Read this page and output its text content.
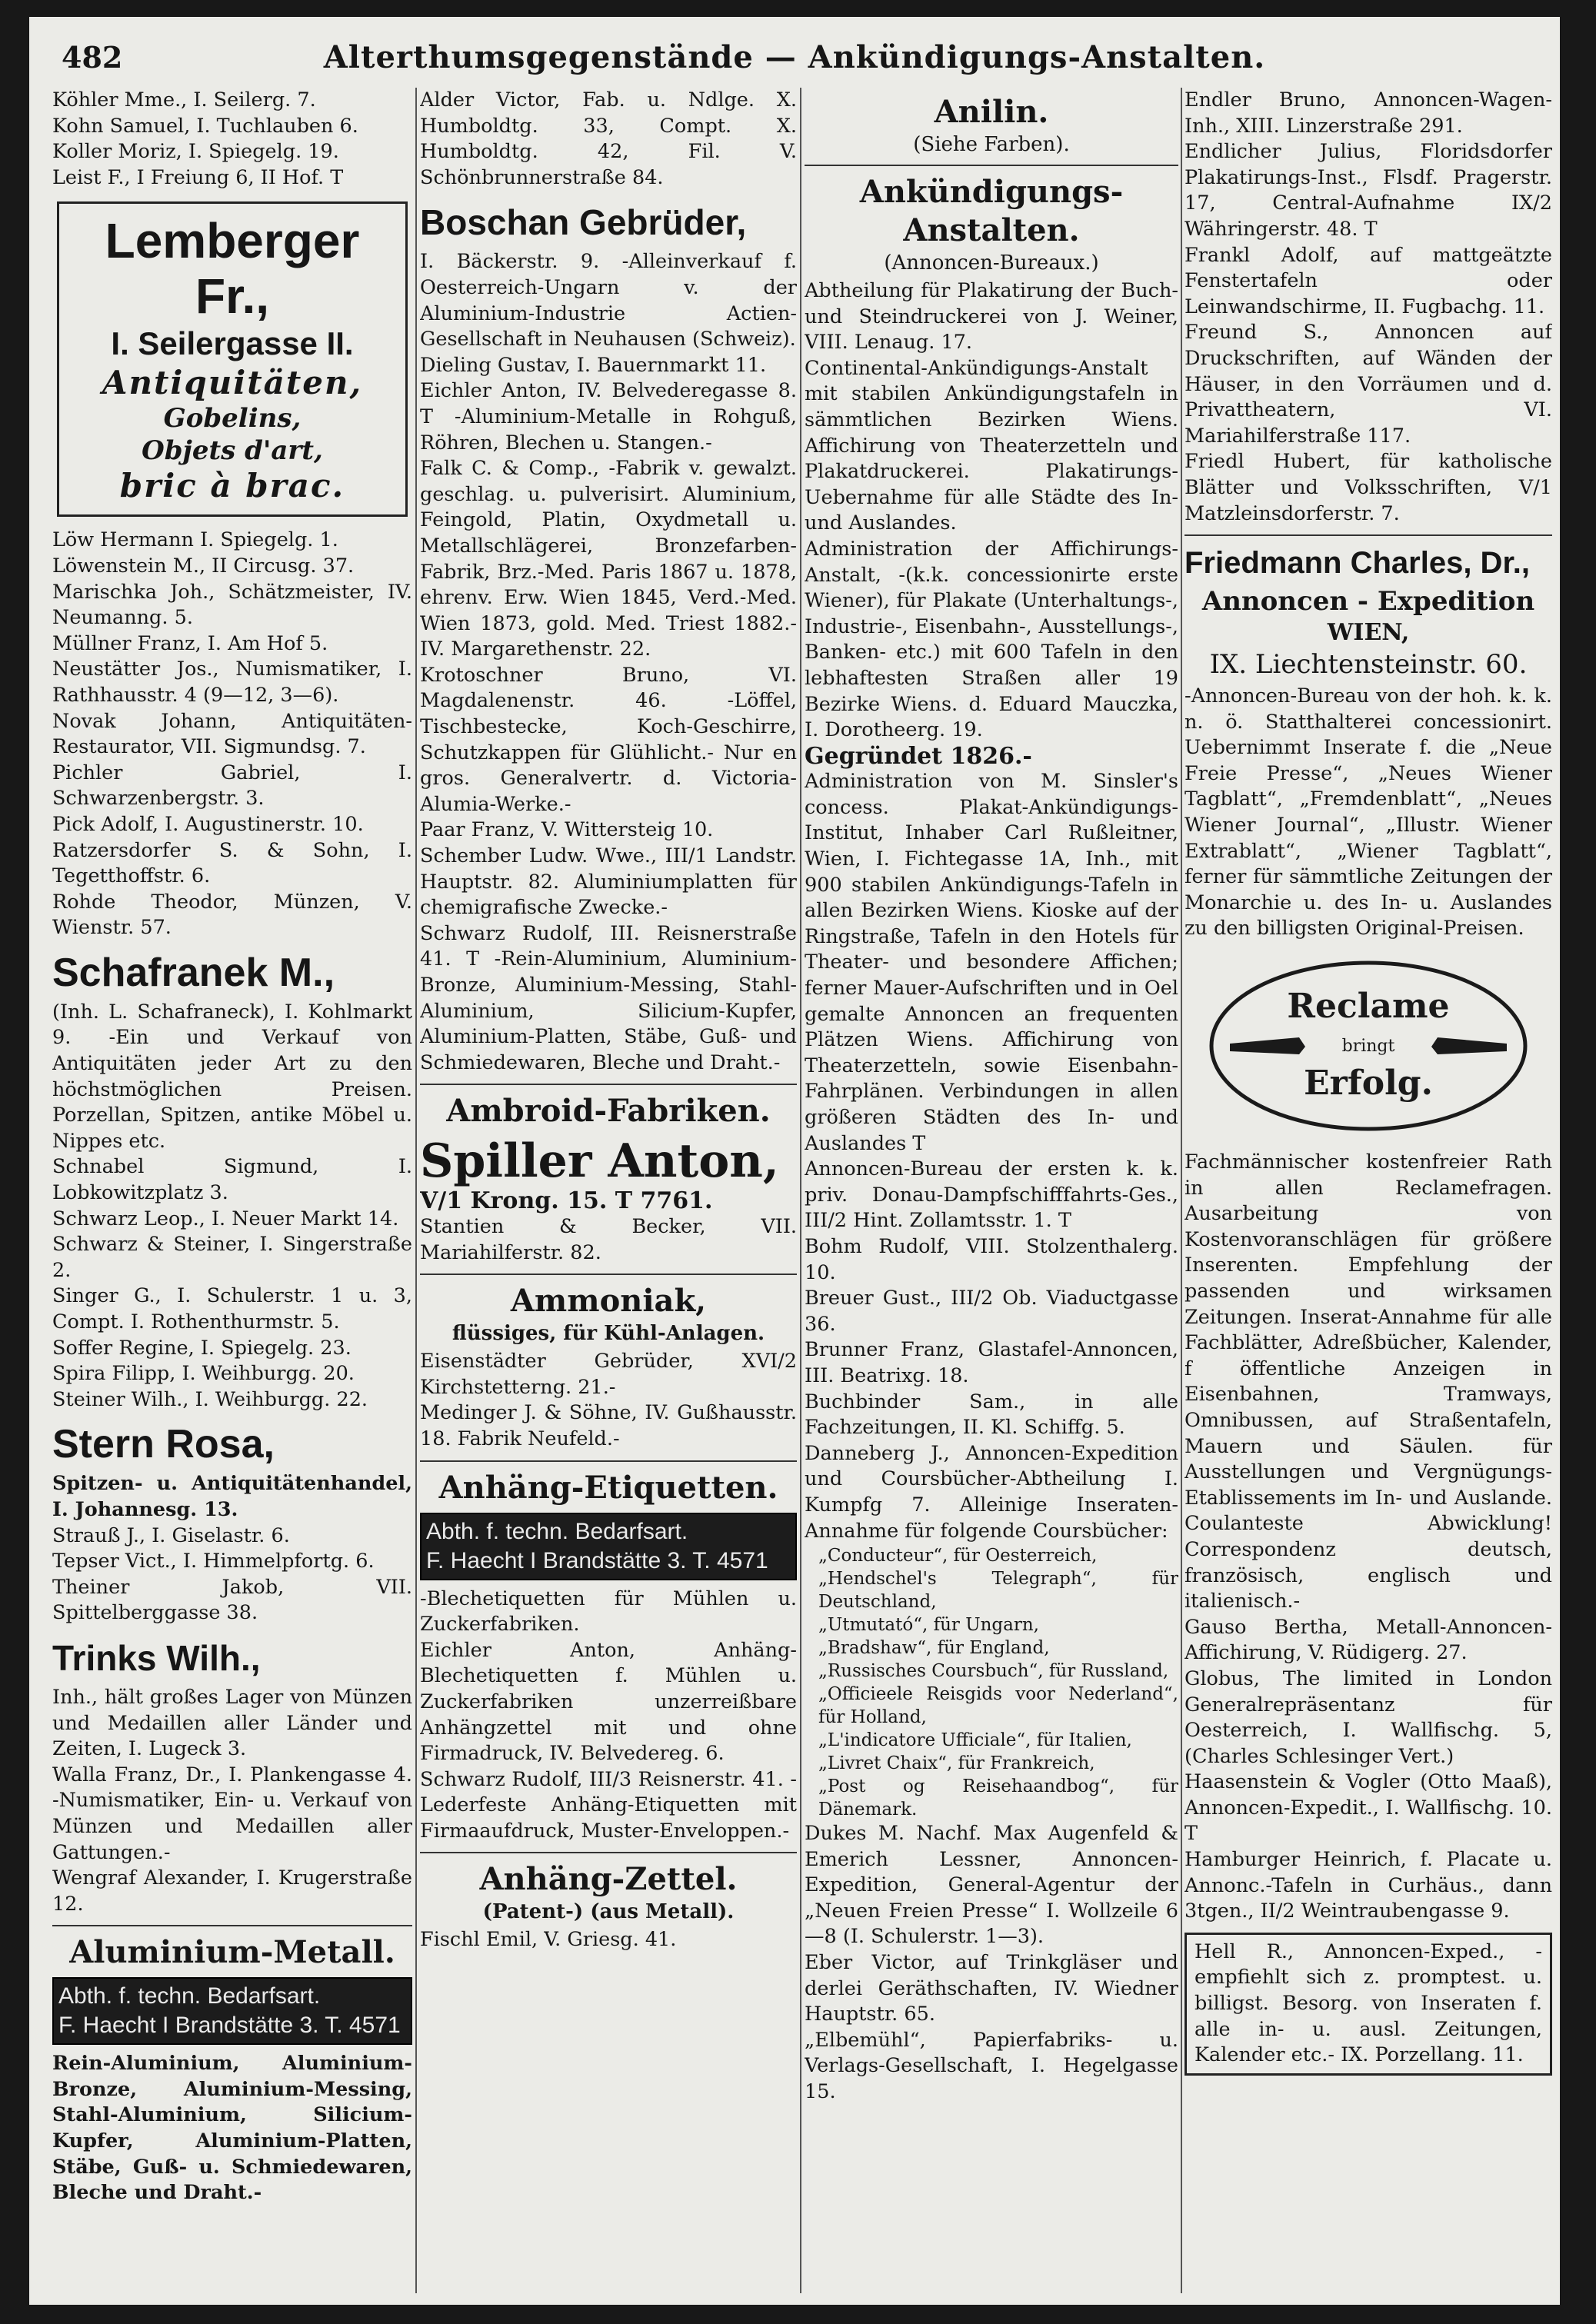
482	Alterthumsgegenstände — Ankündigungs-Anstalten.

Köhler Mme., I. Seilerg. 7.

Kohn Samuel, I. Tuchlauben 6.

Koller Moriz, I. Spiegelg. 19.

Leist F., I Freiung 6, II Hof. T

Lemberger
Fr.,
I. Seilergasse II.
Antiquitäten,
Gobelins,
Objets d'art,
bric à brac.

Löw Hermann I. Spiegelg. 1.

Löwenstein M., II Circusg. 37.

Marischka Joh., Schätzmeister, IV. Neumanng. 5.

Müllner Franz, I. Am Hof 5.

Neustätter Jos., Numismatiker, I. Rathhausstr. 4 (9—12, 3—6).

Novak Johann, Antiquitäten-Restaurator, VII. Sigmundsg. 7.

Pichler Gabriel, I. Schwarzenbergstr. 3.

Pick Adolf, I. Augustinerstr. 10.

Ratzersdorfer S. & Sohn, I. Tegetthoffstr. 6.

Rohde Theodor, Münzen, V. Wienstr. 57.

Schafranek M.,

(Inh. L. Schafraneck), I. Kohlmarkt 9. -Ein und Verkauf von Antiquitäten jeder Art zu den höchstmöglichen Preisen. Porzellan, Spitzen, antike Möbel u. Nippes etc.

Schnabel Sigmund, I. Lobkowitzplatz 3.

Schwarz Leop., I. Neuer Markt 14.

Schwarz & Steiner, I. Singerstraße 2.

Singer G., I. Schulerstr. 1 u. 3, Compt. I. Rothenthurmstr. 5.

Soffer Regine, I. Spiegelg. 23.

Spira Filipp, I. Weihburgg. 20.

Steiner Wilh., I. Weihburgg. 22.

Stern Rosa,

Spitzen- u. Antiquitätenhandel, I. Johannesg. 13.

Strauß J., I. Giselastr. 6.

Tepser Vict., I. Himmelpfortg. 6.

Theiner Jakob, VII. Spittelberggasse 38.

Trinks Wilh.,

Inh., hält großes Lager von Münzen und Medaillen aller Länder und Zeiten, I. Lugeck 3.

Walla Franz, Dr., I. Plankengasse 4. -Numismatiker, Ein- u. Verkauf von Münzen und Medaillen aller Gattungen.-

Wengraf Alexander, I. Krugerstraße 12.

Aluminium-Metall.
Abth. f. techn. Bedarfsart.
F. Haecht I Brandstätte 3. T. 4571

Rein-Aluminium, Aluminium-Bronze, Aluminium-Messing, Stahl-Aluminium, Silicium-Kupfer, Aluminium-Platten, Stäbe, Guß- u. Schmiedewaren, Bleche und Draht.-

Alder Victor, Fab. u. Ndlge. X. Humboldtg. 33, Compt. X. Humboldtg. 42, Fil. V. Schönbrunnerstraße 84.

Boschan Gebrüder,

I. Bäckerstr. 9. -Alleinverkauf f. Oesterreich-Ungarn v. der Aluminium-Industrie Actien-Gesellschaft in Neuhausen (Schweiz).

Dieling Gustav, I. Bauernmarkt 11.

Eichler Anton, IV. Belvederegasse 8. T -Aluminium-Metalle in Rohguß, Röhren, Blechen u. Stangen.-

Falk C. & Comp., -Fabrik v. gewalzt. geschlag. u. pulverisirt. Aluminium, Feingold, Platin, Oxydmetall u. Metallschlägerei, Bronzefarben-Fabrik, Brz.-Med. Paris 1867 u. 1878, ehrenv. Erw. Wien 1845, Verd.-Med. Wien 1873, gold. Med. Triest 1882.- IV. Margarethenstr. 22.

Krotoschner Bruno, VI. Magdalenenstr. 46. -Löffel, Tischbestecke, Koch-Geschirre, Schutzkappen für Glühlicht.- Nur en gros. Generalvertr. d. Victoria-Alumia-Werke.-

Paar Franz, V. Wittersteig 10.

Schember Ludw. Wwe., III/1 Landstr. Hauptstr. 82. Aluminiumplatten für chemigrafische Zwecke.-

Schwarz Rudolf, III. Reisnerstraße 41. T -Rein-Aluminium, Aluminium-Bronze, Aluminium-Messing, Stahl-Aluminium, Silicium-Kupfer, Aluminium-Platten, Stäbe, Guß- und Schmiedewaren, Bleche und Draht.-

Ambroid-Fabriken.
Spiller Anton,

V/1 Krong. 15. T 7761.

Stantien & Becker, VII. Mariahilferstr. 82.

Ammoniak,
flüssiges, für Kühl-Anlagen.

Eisenstädter Gebrüder, XVI/2 Kirchstetterng. 21.-

Medinger J. & Söhne, IV. Gußhausstr. 18. Fabrik Neufeld.-

Anhäng-Etiquetten.
Abth. f. techn. Bedarfsart.
F. Haecht I Brandstätte 3. T. 4571

-Blechetiquetten für Mühlen u. Zuckerfabriken.

Eichler Anton, Anhäng-Blechetiquetten f. Mühlen u. Zuckerfabriken unzerreißbare Anhängzettel mit und ohne Firmadruck, IV. Belvedereg. 6.

Schwarz Rudolf, III/3 Reisnerstr. 41. -Lederfeste Anhäng-Etiquetten mit Firmaaufdruck, Muster-Enveloppen.-

Anhäng-Zettel.
(Patent-) (aus Metall).

Fischl Emil, V. Griesg. 41.

Anilin.
(Siehe Farben).
Ankündigungs-
Anstalten.
(Annoncen-Bureaux.)

Abtheilung für Plakatirung der Buch- und Steindruckerei von J. Weiner, VIII. Lenaug. 17.

Continental-Ankündigungs-Anstalt mit stabilen Ankündigungstafeln in sämmtlichen Bezirken Wiens. Affichirung von Theaterzetteln und Plakatdruckerei. Plakatirungs-Uebernahme für alle Städte des In- und Auslandes.

Administration der Affichirungs-Anstalt, -(k.k. concessionirte erste Wiener), für Plakate (Unterhaltungs-, Industrie-, Eisenbahn-, Ausstellungs-, Banken- etc.) mit 600 Tafeln in den lebhaftesten Straßen aller 19 Bezirke Wiens. d. Eduard Mauczka, I. Dorotheerg. 19.

Gegründet 1826.-

Administration von M. Sinsler's concess. Plakat-Ankündigungs-Institut, Inhaber Carl Rußleitner, Wien, I. Fichtegasse 1A, Inh., mit 900 stabilen Ankündigungs-Tafeln in allen Bezirken Wiens. Kioske auf der Ringstraße, Tafeln in den Hotels für Theater- und besondere Affichen; ferner Mauer-Aufschriften und in Oel gemalte Annoncen an frequenten Plätzen Wiens. Affichirung von Theaterzetteln, sowie Eisenbahn-Fahrplänen. Verbindungen in allen größeren Städten des In- und Auslandes T

Annoncen-Bureau der ersten k. k. priv. Donau-Dampfschifffahrts-Ges., III/2 Hint. Zollamtsstr. 1. T

Bohm Rudolf, VIII. Stolzenthalerg. 10.

Breuer Gust., III/2 Ob. Viaductgasse 36.

Brunner Franz, Glastafel-Annoncen, III. Beatrixg. 18.

Buchbinder Sam., in alle Fachzeitungen, II. Kl. Schiffg. 5.

Danneberg J., Annoncen-Expedition und Coursbücher-Abtheilung I. Kumpfg 7. Alleinige Inseraten-Annahme für folgende Coursbücher:

„Conducteur“, für Oesterreich,

„Hendschel's Telegraph“, für Deutschland,

„Utmutató“, für Ungarn,

„Bradshaw“, für England,

„Russisches Coursbuch“, für Russland,

„Officieele Reisgids voor Nederland“, für Holland,

„L'indicatore Ufficiale“, für Italien,

„Livret Chaix“, für Frankreich,

„Post og Reisehaandbog“, für Dänemark.

Dukes M. Nachf. Max Augenfeld & Emerich Lessner, Annoncen-Expedition, General-Agentur der „Neuen Freien Presse“ I. Wollzeile 6—8 (I. Schulerstr. 1—3).

Eber Victor, auf Trinkgläser und derlei Geräthschaften, IV. Wiedner Hauptstr. 65.

„Elbemühl“, Papierfabriks- u. Verlags-Gesellschaft, I. Hegelgasse 15.

Endler Bruno, Annoncen-Wagen-Inh., XIII. Linzerstraße 291.

Endlicher Julius, Floridsdorfer Plakatirungs-Inst., Flsdf. Pragerstr. 17, Central-Aufnahme IX/2 Währingerstr. 48. T

Frankl Adolf, auf mattgeätzte Fenstertafeln oder Leinwandschirme, II. Fugbachg. 11.

Freund S., Annoncen auf Druckschriften, auf Wänden der Häuser, in den Vorräumen und d. Privattheatern, VI. Mariahilferstraße 117.

Friedl Hubert, für katholische Blätter und Volksschriften, V/1 Matzleinsdorferstr. 7.

Friedmann Charles, Dr.,
Annoncen - Expedition
WIEN,
IX. Liechtensteinstr. 60.

-Annoncen-Bureau von der hoh. k. k. n. ö. Statthalterei concessionirt. Uebernimmt Inserate f. die „Neue Freie Presse“, „Neues Wiener Tagblatt“, „Fremdenblatt“, „Neues Wiener Journal“, „Illustr. Wiener Extrablatt“, „Wiener Tagblatt“, ferner für sämmtliche Zeitungen der Monarchie u. des In- u. Auslandes zu den billigsten Original-Preisen.

Reclame
bringt
Erfolg.

Fachmännischer kostenfreier Rath in allen Reclamefragen. Ausarbeitung von Kostenvoranschlägen für größere Inserenten. Empfehlung der passenden und wirksamen Zeitungen. Inserat-Annahme für alle Fachblätter, Adreßbücher, Kalender, f öffentliche Anzeigen in Eisenbahnen, Tramways, Omnibussen, auf Straßentafeln, Mauern und Säulen. für Ausstellungen und Vergnügungs-Etablissements im In- und Auslande. Coulanteste Abwicklung! Correspondenz deutsch, französisch, englisch und italienisch.-

Gauso Bertha, Metall-Annoncen-Affichirung, V. Rüdigerg. 27.

Globus, The limited in London Generalrepräsentanz für Oesterreich, I. Wallfischg. 5, (Charles Schlesinger Vert.)

Haasenstein & Vogler (Otto Maaß), Annoncen-Expedit., I. Wallfischg. 10. T

Hamburger Heinrich, f. Placate u. Annonc.-Tafeln in Curhäus., dann 3tgen., II/2 Weintraubengasse 9.

Hell R., Annoncen-Exped., -empfiehlt sich z. promptest. u. billigst. Besorg. von Inseraten f. alle in- u. ausl. Zeitungen, Kalender etc.- IX. Porzellang. 11.
